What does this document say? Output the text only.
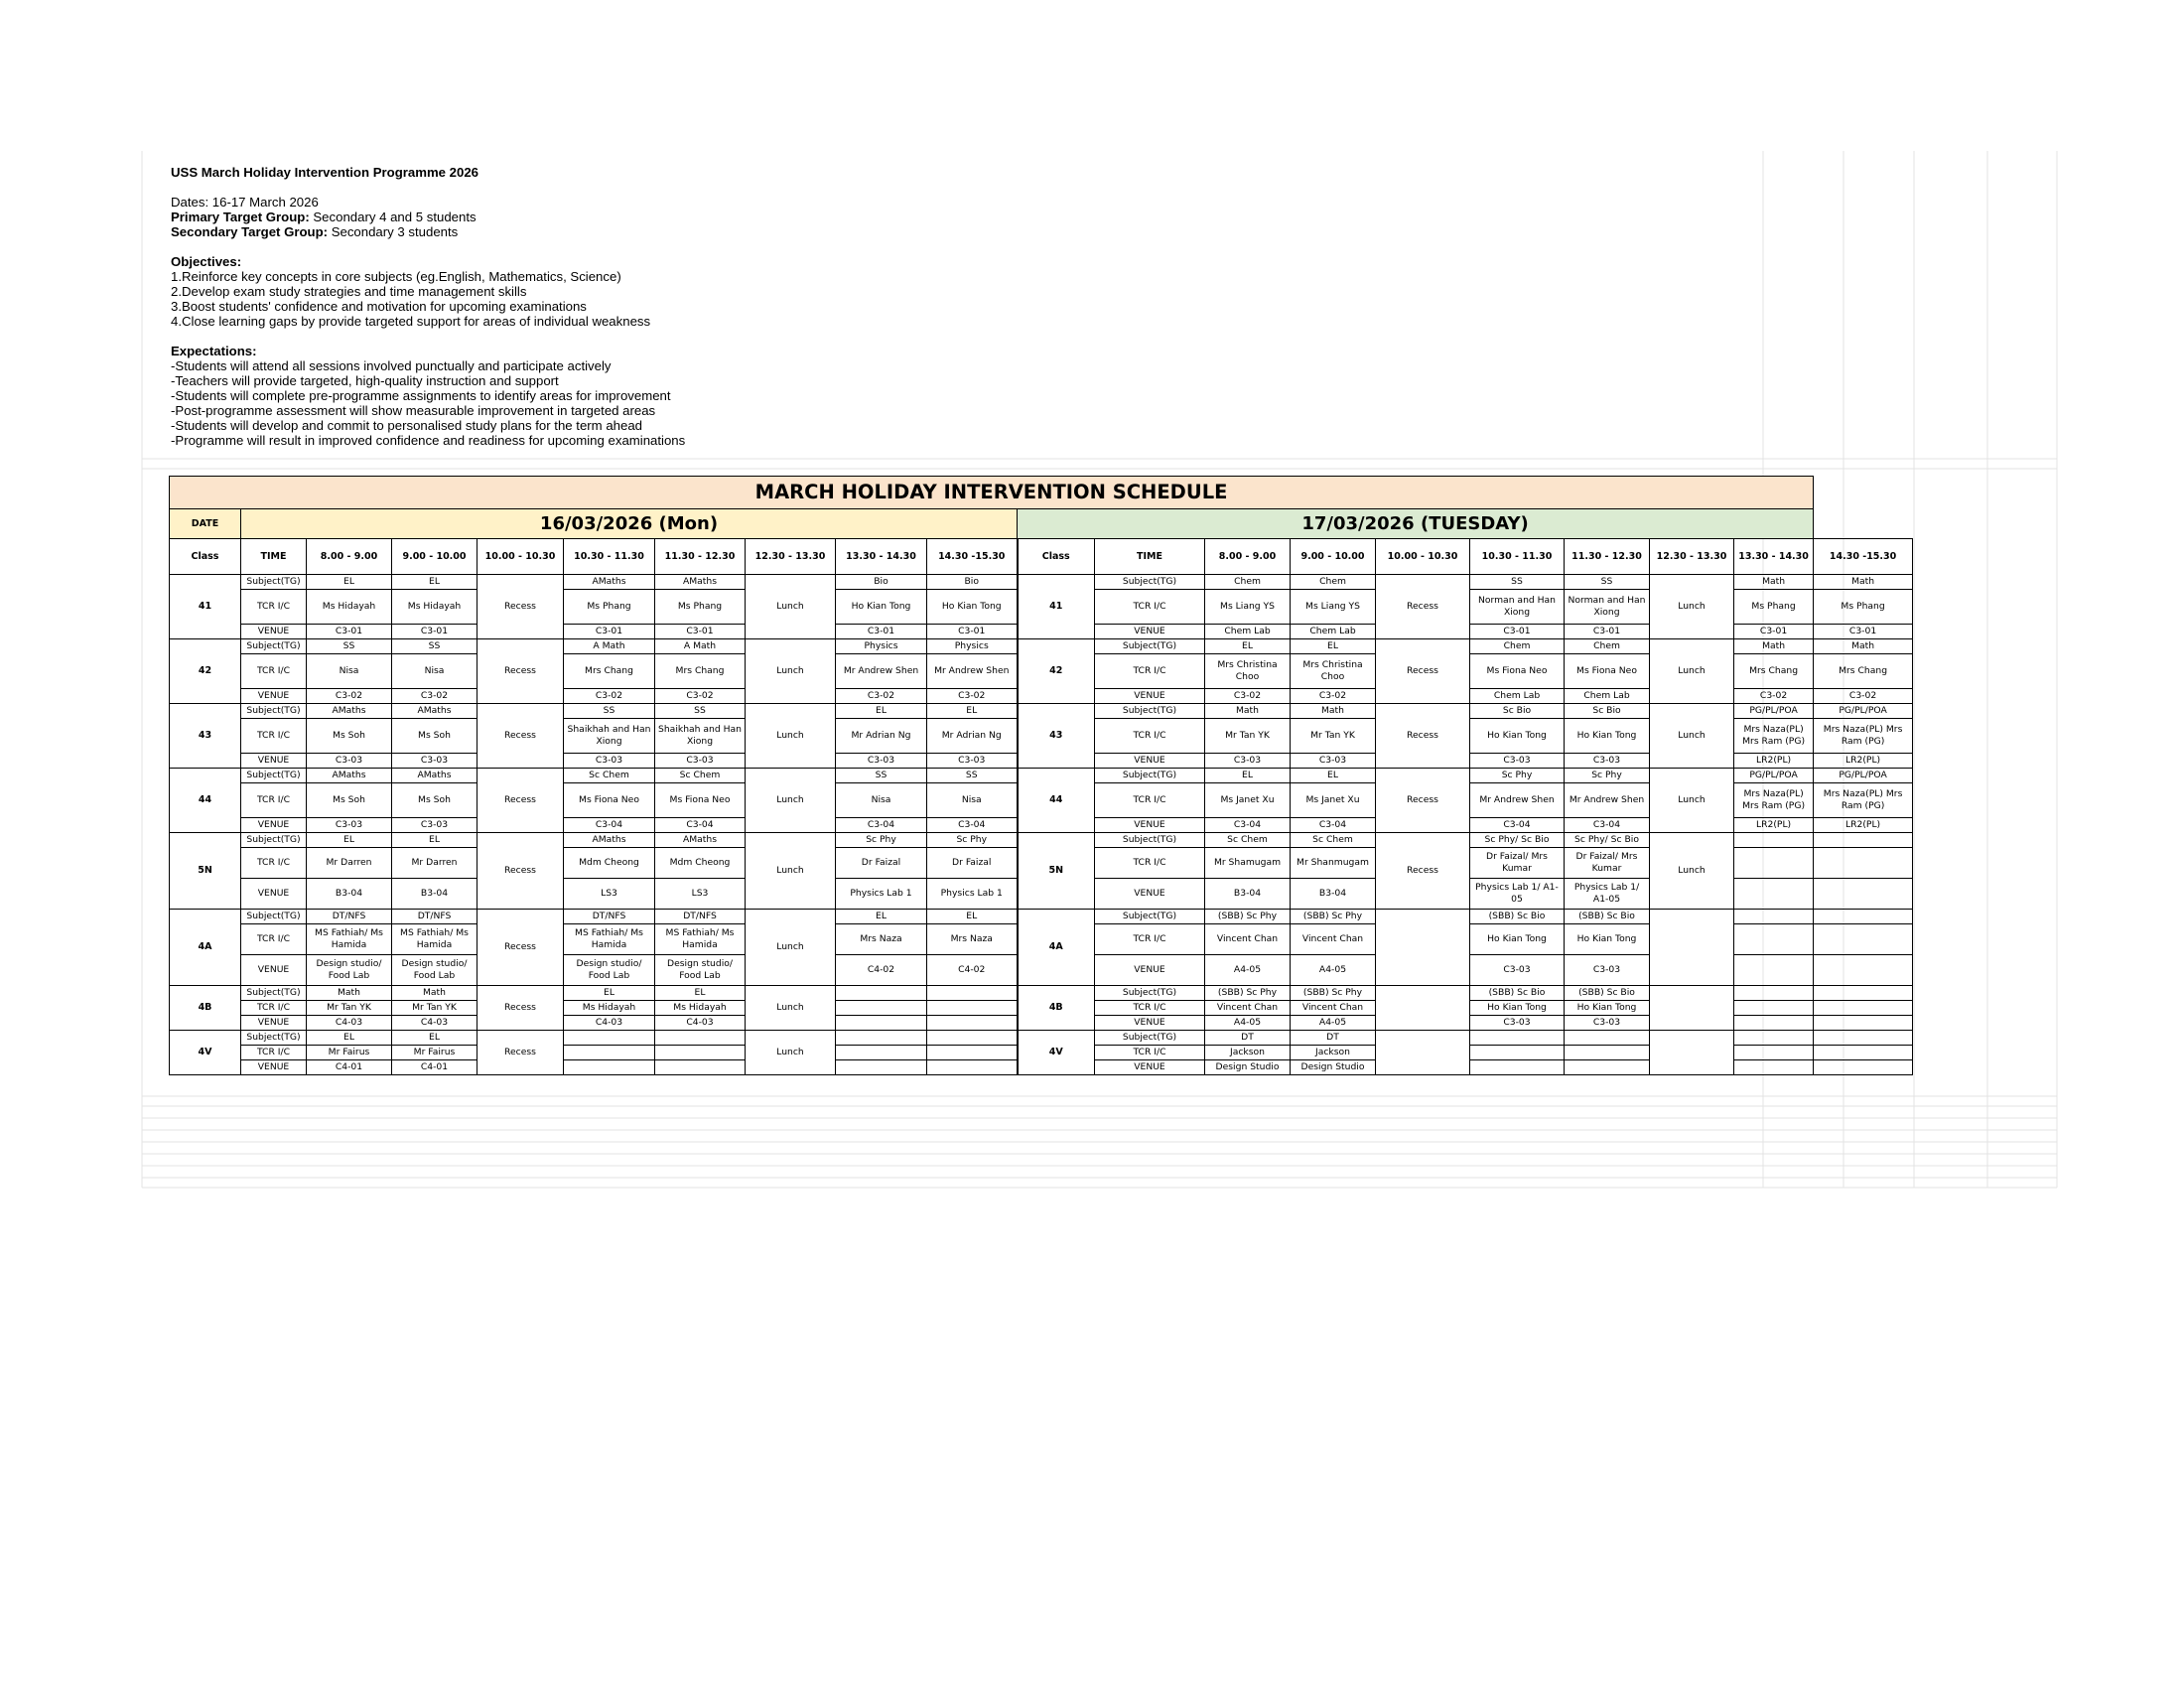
USS March Holiday Intervention Programme 2026
Dates: 16-17 March 2026
Primary Target Group: Secondary 4 and 5 students
Secondary Target Group: Secondary 3 students
Objectives:
1.Reinforce key concepts in core subjects (eg.English, Mathematics, Science)
2.Develop exam study strategies and time management skills
3.Boost students' confidence and motivation for upcoming examinations
4.Close learning gaps by provide targeted support for areas of individual weakness
Expectations:
-Students will attend all sessions involved punctually and participate actively
-Teachers will provide targeted, high-quality instruction and support
-Students will complete pre-programme assignments to identify areas for improvement
-Post-programme assessment will show measurable improvement in targeted areas
-Students will develop and commit to personalised study plans for the term ahead
-Programme will result in improved confidence and readiness for upcoming examinations
MARCH HOLIDAY INTERVENTION SCHEDULE																			
DATE	16/03/2026 (Mon)									17/03/2026 (TUESDAY)									
Class	TIME	8.00 - 9.00	9.00 - 10.00	10.00 - 10.30	10.30 - 11.30	11.30 - 12.30	12.30 - 13.30	13.30 - 14.30	14.30 -15.30	Class	TIME	8.00 - 9.00	9.00 - 10.00	10.00 - 10.30	10.30 - 11.30	11.30 - 12.30	12.30 - 13.30	13.30 - 14.30	14.30 -15.30
41	Subject(TG)	EL	EL	Recess	AMaths	AMaths	Lunch	Bio	Bio	41	Subject(TG)	Chem	Chem	Recess	SS	SS	Lunch	Math	Math
	TCR I/C	Ms Hidayah	Ms Hidayah		Ms Phang	Ms Phang		Ho Kian Tong	Ho Kian Tong		TCR I/C	Ms Liang YS	Ms Liang YS		Norman and Han Xiong	Norman and Han Xiong		Ms Phang	Ms Phang
	VENUE	C3-01	C3-01		C3-01	C3-01		C3-01	C3-01		VENUE	Chem Lab	Chem Lab		C3-01	C3-01		C3-01	C3-01
42	Subject(TG)	SS	SS	Recess	A Math	A Math	Lunch	Physics	Physics	42	Subject(TG)	EL	EL	Recess	Chem	Chem	Lunch	Math	Math
	TCR I/C	Nisa	Nisa		Mrs Chang	Mrs Chang		Mr Andrew Shen	Mr Andrew Shen		TCR I/C	Mrs Christina Choo	Mrs Christina Choo		Ms Fiona Neo	Ms Fiona Neo		Mrs Chang	Mrs Chang
	VENUE	C3-02	C3-02		C3-02	C3-02		C3-02	C3-02		VENUE	C3-02	C3-02		Chem Lab	Chem Lab		C3-02	C3-02
43	Subject(TG)	AMaths	AMaths	Recess	SS	SS	Lunch	EL	EL	43	Subject(TG)	Math	Math	Recess	Sc Bio	Sc Bio	Lunch	PG/PL/POA	PG/PL/POA
	TCR I/C	Ms Soh	Ms Soh		Shaikhah and Han Xiong	Shaikhah and Han Xiong		Mr Adrian Ng	Mr Adrian Ng		TCR I/C	Mr Tan YK	Mr Tan YK		Ho Kian Tong	Ho Kian Tong		Mrs Naza(PL) Mrs Ram (PG)	Mrs Naza(PL) Mrs Ram (PG)
	VENUE	C3-03	C3-03		C3-03	C3-03		C3-03	C3-03		VENUE	C3-03	C3-03		C3-03	C3-03		LR2(PL)	LR2(PL)
44	Subject(TG)	AMaths	AMaths	Recess	Sc Chem	Sc Chem	Lunch	SS	SS	44	Subject(TG)	EL	EL	Recess	Sc Phy	Sc Phy	Lunch	PG/PL/POA	PG/PL/POA
	TCR I/C	Ms Soh	Ms Soh		Ms Fiona Neo	Ms Fiona Neo		Nisa	Nisa		TCR I/C	Ms Janet Xu	Ms Janet Xu		Mr Andrew Shen	Mr Andrew Shen		Mrs Naza(PL) Mrs Ram (PG)	Mrs Naza(PL) Mrs Ram (PG)
	VENUE	C3-03	C3-03		C3-04	C3-04		C3-04	C3-04		VENUE	C3-04	C3-04		C3-04	C3-04		LR2(PL)	LR2(PL)
5N	Subject(TG)	EL	EL	Recess	AMaths	AMaths	Lunch	Sc Phy	Sc Phy	5N	Subject(TG)	Sc Chem	Sc Chem	Recess	Sc Phy/ Sc Bio	Sc Phy/ Sc Bio	Lunch		
	TCR I/C	Mr Darren	Mr Darren		Mdm Cheong	Mdm Cheong		Dr Faizal	Dr Faizal		TCR I/C	Mr Shamugam	Mr Shanmugam		Dr Faizal/ Mrs Kumar	Dr Faizal/ Mrs Kumar			
	VENUE	B3-04	B3-04		LS3	LS3		Physics Lab 1	Physics Lab 1		VENUE	B3-04	B3-04		Physics Lab 1/ A1-05	Physics Lab 1/ A1-05			
4A	Subject(TG)	DT/NFS	DT/NFS	Recess	DT/NFS	DT/NFS	Lunch	EL	EL	4A	Subject(TG)	(SBB) Sc Phy	(SBB) Sc Phy		(SBB) Sc Bio	(SBB) Sc Bio			
	TCR I/C	MS Fathiah/ Ms Hamida	MS Fathiah/ Ms Hamida		MS Fathiah/ Ms Hamida	MS Fathiah/ Ms Hamida		Mrs Naza	Mrs Naza		TCR I/C	Vincent Chan	Vincent Chan		Ho Kian Tong	Ho Kian Tong			
	VENUE	Design studio/ Food Lab	Design studio/ Food Lab		Design studio/ Food Lab	Design studio/ Food Lab		C4-02	C4-02		VENUE	A4-05	A4-05		C3-03	C3-03			
4B	Subject(TG)	Math	Math	Recess	EL	EL	Lunch			4B	Subject(TG)	(SBB) Sc Phy	(SBB) Sc Phy		(SBB) Sc Bio	(SBB) Sc Bio			
	TCR I/C	Mr Tan YK	Mr Tan YK		Ms Hidayah	Ms Hidayah					TCR I/C	Vincent Chan	Vincent Chan		Ho Kian Tong	Ho Kian Tong			
	VENUE	C4-03	C4-03		C4-03	C4-03					VENUE	A4-05	A4-05		C3-03	C3-03			
4V	Subject(TG)	EL	EL	Recess			Lunch			4V	Subject(TG)	DT	DT						
	TCR I/C	Mr Fairus	Mr Fairus								TCR I/C	Jackson	Jackson						
	VENUE	C4-01	C4-01								VENUE	Design Studio	Design Studio						
